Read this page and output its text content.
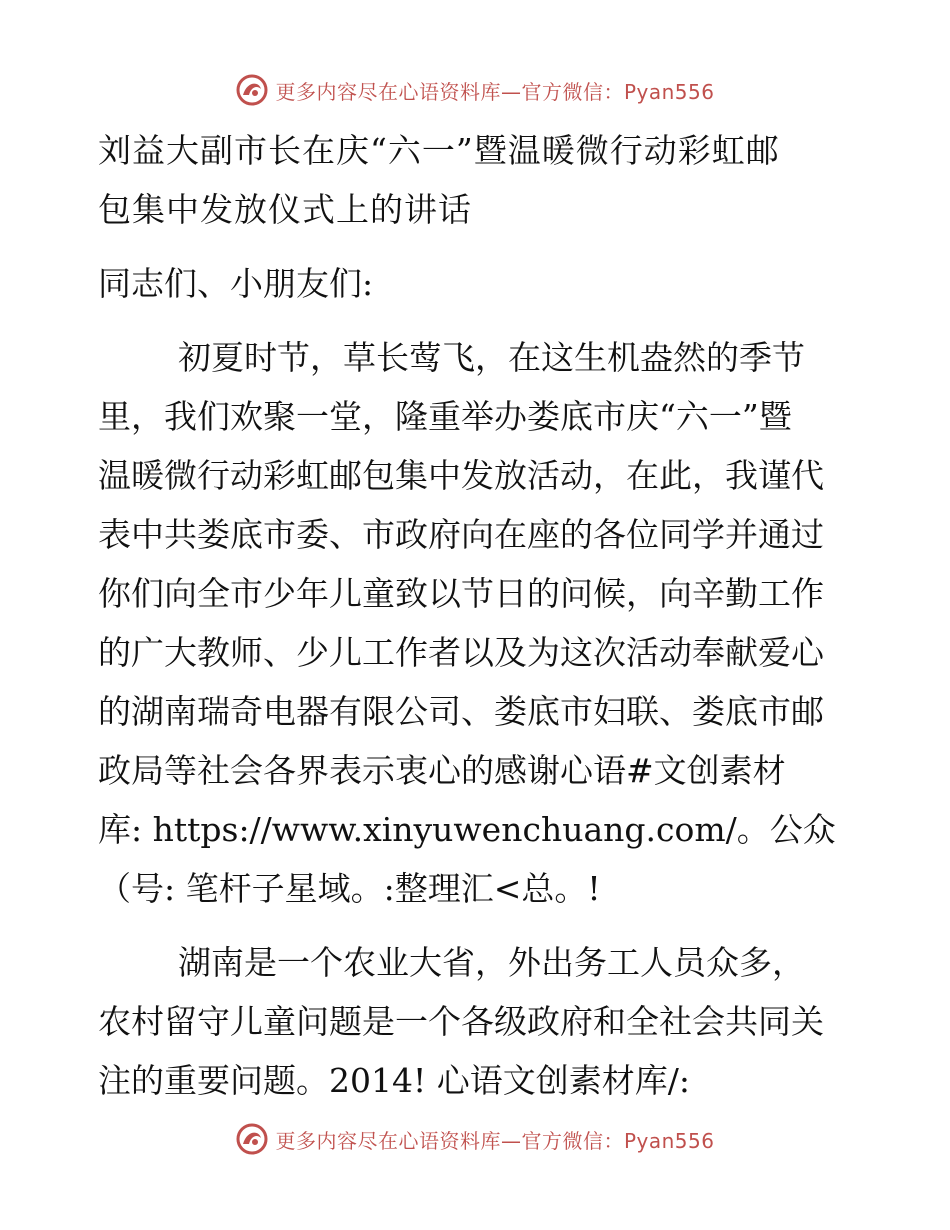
更多内容尽在心语资料库—官方微信：Pyan556
刘益大副市长在庆“六一”暨温暖微行动彩虹邮
包集中发放仪式上的讲话
同志们、小朋友们:
初夏时节，草长莺飞，在这生机盎然的季节
里，我们欢聚一堂，隆重举办娄底市庆“六一”暨
温暖微行动彩虹邮包集中发放活动，在此，我谨代
表中共娄底市委、市政府向在座的各位同学并通过
你们向全市少年儿童致以节日的问候，向辛勤工作
的广大教师、少儿工作者以及为这次活动奉献爱心
的湖南瑞奇电器有限公司、娄底市妇联、娄底市邮
政局等社会各界表示衷心的感谢心语#文创素材
库: https://www.xinyuwenchuang.com/。公众
（号: 笔杆子星域。:整理汇<总。!
湖南是一个农业大省，外出务工人员众多，
农村留守儿童问题是一个各级政府和全社会共同关
注的重要问题。2014! 心语文创素材库/:
更多内容尽在心语资料库—官方微信：Pyan556
